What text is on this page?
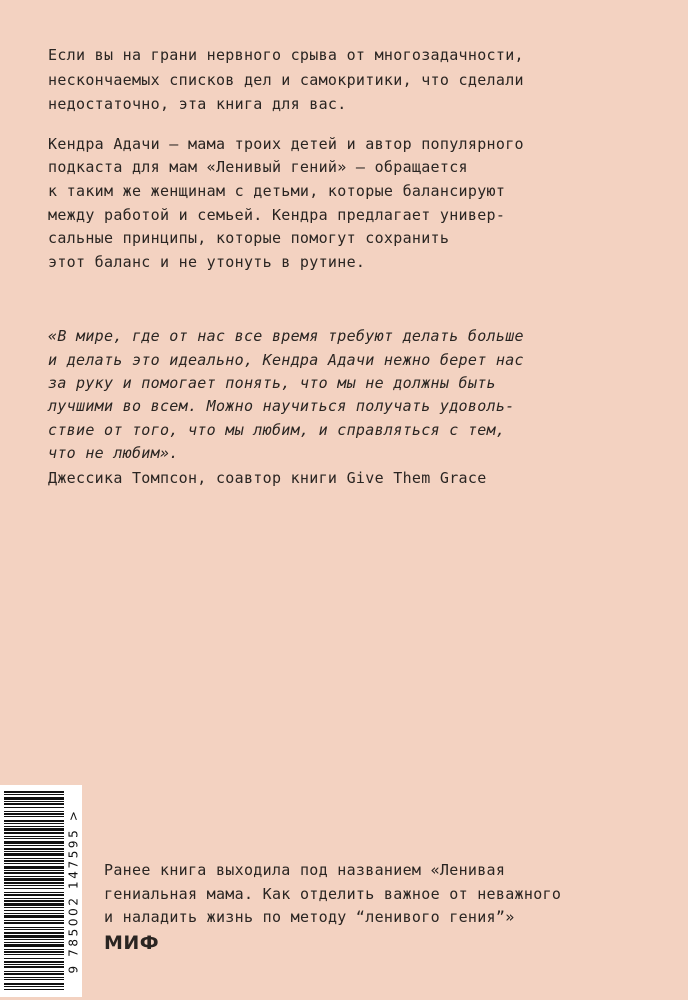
Если вы на грани нервного срыва от многозадачности,
нескончаемых списков дел и самокритики, что сделали
недостаточно, эта книга для вас.
Кендра Адачи — мама троих детей и автор популярного
подкаста для мам «Ленивый гений» — обращается
к таким же женщинам с детьми, которые балансируют
между работой и семьей. Кендра предлагает универ-
сальные принципы, которые помогут сохранить
этот баланс и не утонуть в рутине.
«В мире, где от нас все время требуют делать больше
и делать это идеально, Кендра Адачи нежно берет нас
за руку и помогает понять, что мы не должны быть
лучшими во всем. Можно научиться получать удоволь-
ствие от того, что мы любим, и справляться с тем,
что не любим».
Джессика Томпсон, соавтор книги Give Them Grace
9 785002 147595 > Ранее книга выходила под названием «Ленивая
гениальная мама. Как отделить важное от неважного
и наладить жизнь по методу “ленивого гения”»
МИФ
